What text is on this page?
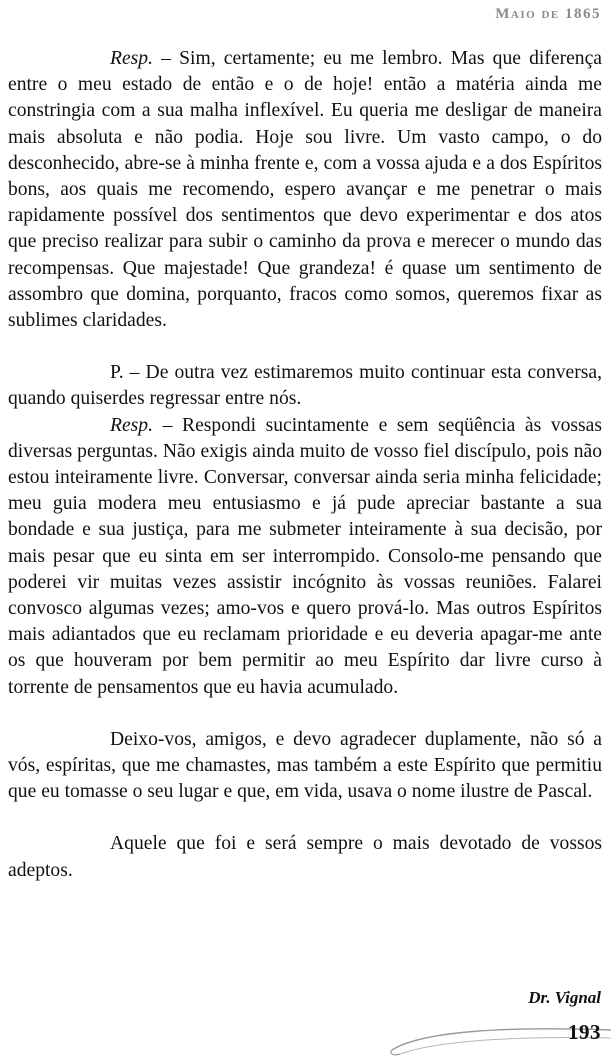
Maio de 1865

Resp. – Sim, certamente; eu me lembro. Mas que diferença entre o meu estado de então e o de hoje! então a matéria ainda me constringia com a sua malha inflexível. Eu queria me desligar de maneira mais absoluta e não podia. Hoje sou livre. Um vasto campo, o do desconhecido, abre-se à minha frente e, com a vossa ajuda e a dos Espíritos bons, aos quais me recomendo, espero avançar e me penetrar o mais rapidamente possível dos sentimentos que devo experimentar e dos atos que preciso realizar para subir o caminho da prova e merecer o mundo das recompensas. Que majestade! Que grandeza! é quase um sentimento de assombro que domina, porquanto, fracos como somos, queremos fixar as sublimes claridades.

P. – De outra vez estimaremos muito continuar esta conversa, quando quiserdes regressar entre nós.

Resp. – Respondi sucintamente e sem seqüência às vossas diversas perguntas. Não exigis ainda muito de vosso fiel discípulo, pois não estou inteiramente livre. Conversar, conversar ainda seria minha felicidade; meu guia modera meu entusiasmo e já pude apreciar bastante a sua bondade e sua justiça, para me submeter inteiramente à sua decisão, por mais pesar que eu sinta em ser interrompido. Consolo-me pensando que poderei vir muitas vezes assistir incógnito às vossas reuniões. Falarei convosco algumas vezes; amo-vos e quero prová-lo. Mas outros Espíritos mais adiantados que eu reclamam prioridade e eu deveria apagar-me ante os que houveram por bem permitir ao meu Espírito dar livre curso à torrente de pensamentos que eu havia acumulado.

Deixo-vos, amigos, e devo agradecer duplamente, não só a vós, espíritas, que me chamastes, mas também a este Espírito que permitiu que eu tomasse o seu lugar e que, em vida, usava o nome ilustre de Pascal.

Aquele que foi e será sempre o mais devotado de vossos adeptos.

Dr. Vignal
193
